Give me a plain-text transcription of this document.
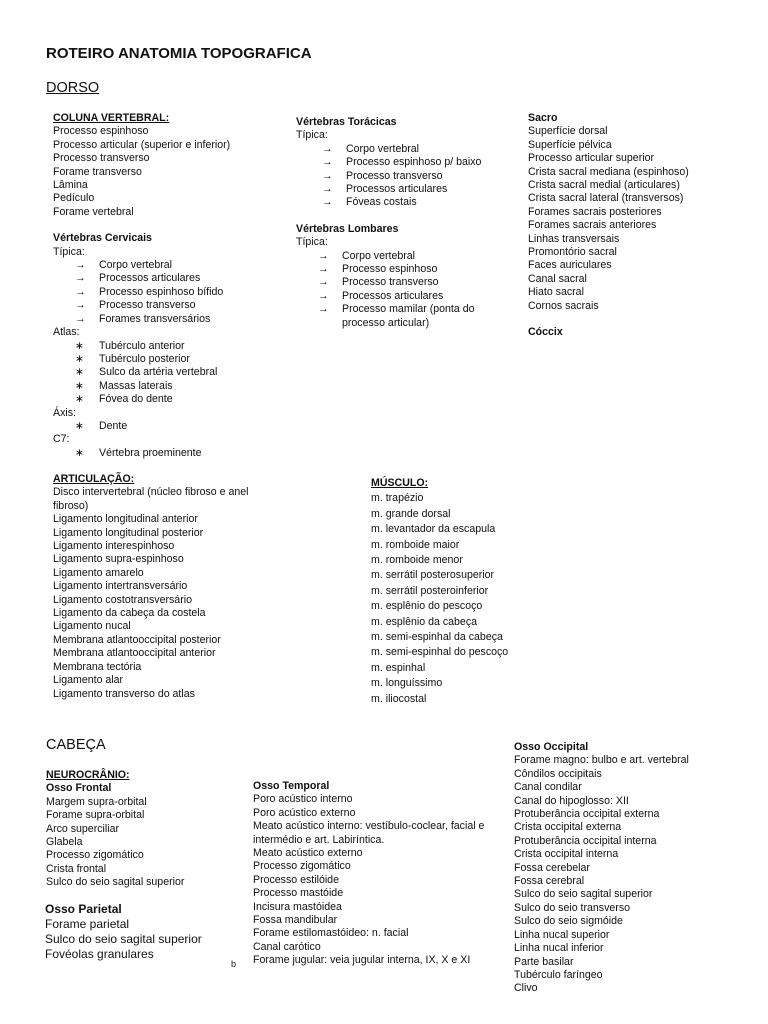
ROTEIRO ANATOMIA TOPOGRAFICA
DORSO
COLUNA VERTEBRAL:
Processo espinhoso
Processo articular (superior e inferior)
Processo transverso
Forame transverso
Lâmina
Pedículo
Forame vertebral
Vértebras Cervicais
Típica:
→ Corpo vertebral
→ Processos articulares
→ Processo espinhoso bífido
→ Processo transverso
→ Forames transversários
Atlas:
∗ Tubérculo anterior
∗ Tubérculo posterior
∗ Sulco da artéria vertebral
∗ Massas laterais
∗ Fóvea do dente
Áxis:
∗ Dente
C7:
∗ Vértebra proeminente
Vértebras Torácicas
Típica:
→ Corpo vertebral
→ Processo espinhoso p/ baixo
→ Processo transverso
→ Processos articulares
→ Fóveas costais
Vértebras Lombares
Típica:
→ Corpo vertebral
→ Processo espinhoso
→ Processo transverso
→ Processos articulares
→ Processo mamilar (ponta do
processo articular)
Sacro
Superfície dorsal
Superfície pélvica
Processo articular superior
Crista sacral mediana (espinhoso)
Crista sacral medial (articulares)
Crista sacral lateral (transversos)
Forames sacrais posteriores
Forames sacrais anteriores
Linhas transversais
Promontório sacral
Faces auriculares
Canal sacral
Hiato sacral
Cornos sacrais
Cóccix
ARTICULAÇÃO:
Disco intervertebral (núcleo fibroso e anel
fibroso)
Ligamento longitudinal anterior
Ligamento longitudinal posterior
Ligamento interespinhoso
Ligamento supra-espinhoso
Ligamento amarelo
Ligamento intertransversário
Ligamento costotransversário
Ligamento da cabeça da costela
Ligamento nucal
Membrana atlantooccipital posterior
Membrana atlantooccipital anterior
Membrana tectória
Ligamento alar
Ligamento transverso do atlas
MÚSCULO:
m. trapézio
m. grande dorsal
m. levantador da escapula
m. romboide maior
m. romboide menor
m. serrátil posterosuperior
m. serrátil posteroinferior
m. esplênio do pescoço
m. esplênio da cabeça
m. semi-espinhal da cabeça
m. semi-espinhal do pescoço
m. espinhal
m. longuíssimo
m. iliocostal
CABEÇA
NEUROCRÂNIO:
Osso Frontal
Margem supra-orbital
Forame supra-orbital
Arco superciliar
Glabela
Processo zigomático
Crista frontal
Sulco do seio sagital superior
Osso Parietal
Forame parietal
Sulco do seio sagital superior
Fovéolas granulares
Osso Temporal
Poro acústico interno
Poro acústico externo
Meato acústico interno: vestíbulo-coclear, facial e
intermédio e art. Labiríntica.
Meato acústico externo
Processo zigomático
Processo estilóide
Processo mastóide
Incisura mastóidea
Fossa mandibular
Forame estilomastóideo: n. facial
Canal carótico
Forame jugular: veia jugular interna, IX, X e XI
b
Osso Occipital
Forame magno: bulbo e art. vertebral
Côndilos occipitais
Canal condilar
Canal do hipoglosso: XII
Protuberância occipital externa
Crista occipital externa
Protuberância occipital interna
Crista occipital interna
Fossa cerebelar
Fossa cerebral
Sulco do seio sagital superior
Sulco do seio transverso
Sulco do seio sigmóide
Linha nucal superior
Linha nucal inferior
Parte basilar
Tubérculo faríngeo
Clivo
